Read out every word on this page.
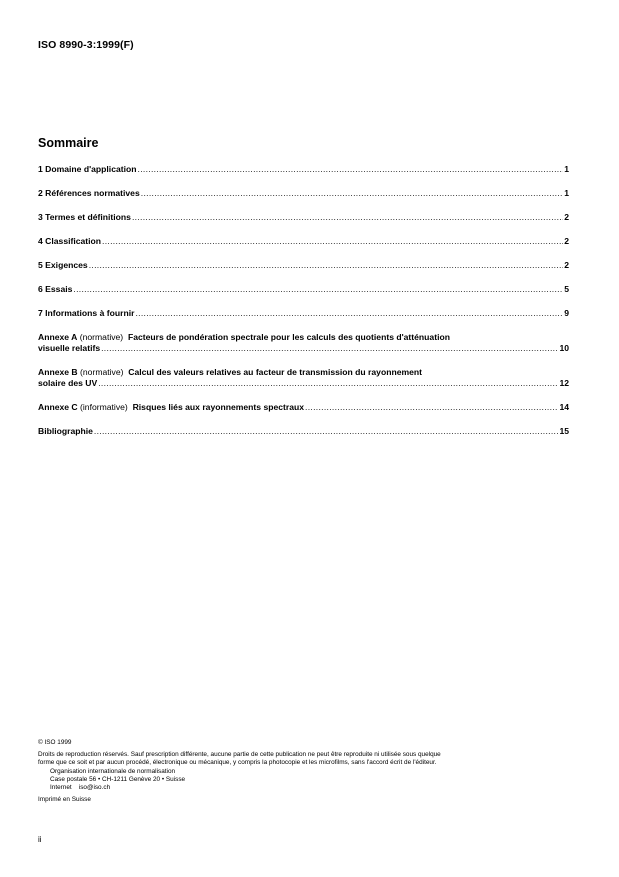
ISO 8990-3:1999(F)
Sommaire
1 Domaine d'application .....	1
2 Références normatives .....	1
3 Termes et définitions .....	2
4 Classification .....	2
5 Exigences .....	2
6 Essais .....	5
7 Informations à fournir .....	9
Annexe A (normative) Facteurs de pondération spectrale pour les calculs des quotients d'atténuation
visuelle relatifs .....	10
Annexe B (normative) Calcul des valeurs relatives au facteur de transmission du rayonnement
solaire des UV .....	12
Annexe C
(informative)
Risques liés aux rayonnements spectraux .....	14
Bibliographie .....	15
© ISO 1999
Droits de reproduction réservés. Sauf prescription différente, aucune partie de cette publication ne peut être reproduite ni utilisée sous quelque
forme que ce soit et par aucun procédé, électronique ou mécanique, y compris la photocopie et les microfilms, sans l'accord écrit de l'éditeur.
Organisation internationale de normalisation
Case postale 56 • CH-1211 Genève 20 • Suisse
Internet iso@iso.ch
Imprimé en Suisse
ii
